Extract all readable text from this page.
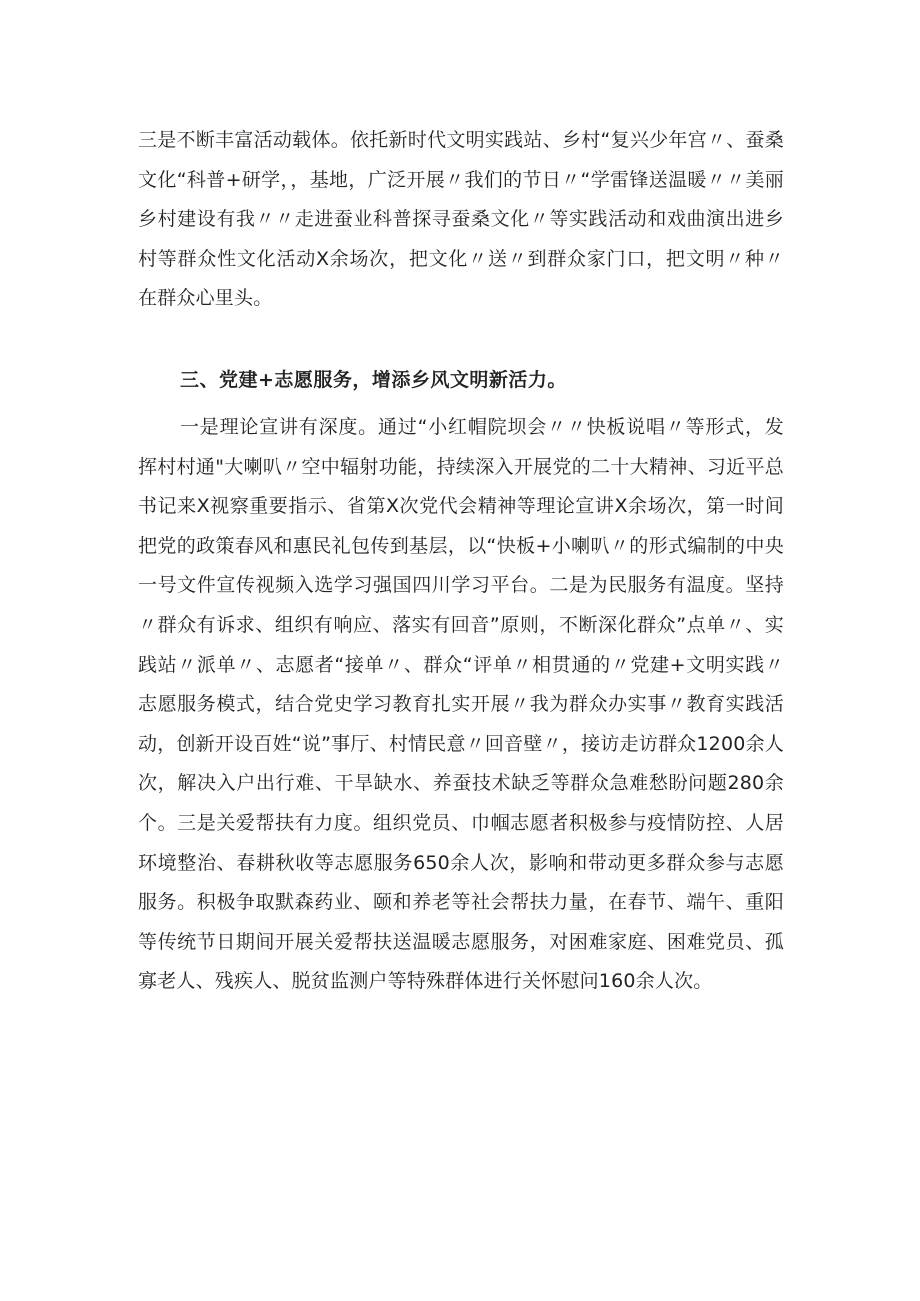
三是不断丰富活动载体。依托新时代文明实践站、乡村“复兴少年宫〃、蚕桑文化“科普+研学，，基地，广泛开展〃我们的节日〃“学雷锋送温暖〃〃美丽乡村建设有我〃〃走进蚕业科普探寻蚕桑文化〃等实践活动和戏曲演出进乡村等群众性文化活动X余场次，把文化〃送〃到群众家门口，把文明〃种〃在群众心里头。

三、党建+志愿服务，增添乡风文明新活力。

一是理论宣讲有深度。通过“小红帽院坝会〃〃快板说唱〃等形式，发挥村村通"大喇叭〃空中辐射功能，持续深入开展党的二十大精神、习近平总书记来X视察重要指示、省第X次党代会精神等理论宣讲X余场次，第一时间把党的政策春风和惠民礼包传到基层，以“快板+小喇叭〃的形式编制的中央一号文件宣传视频入选学习强国四川学习平台。二是为民服务有温度。坚持〃群众有诉求、组织有响应、落实有回音”原则，不断深化群众”点单〃、实践站〃派单〃、志愿者“接单〃、群众“评单〃相贯通的〃党建+文明实践〃志愿服务模式，结合党史学习教育扎实开展〃我为群众办实事〃教育实践活动，创新开设百姓“说”事厅、村情民意〃回音壁〃，接访走访群众1200余人次，解决入户出行难、干旱缺水、养蚕技术缺乏等群众急难愁盼问题280余个。三是关爱帮扶有力度。组织党员、巾帼志愿者积极参与疫情防控、人居环境整治、春耕秋收等志愿服务650余人次，影响和带动更多群众参与志愿服务。积极争取默森药业、颐和养老等社会帮扶力量，在春节、端午、重阳等传统节日期间开展关爱帮扶送温暖志愿服务，对困难家庭、困难党员、孤寡老人、残疾人、脱贫监测户等特殊群体进行关怀慰问160余人次。
